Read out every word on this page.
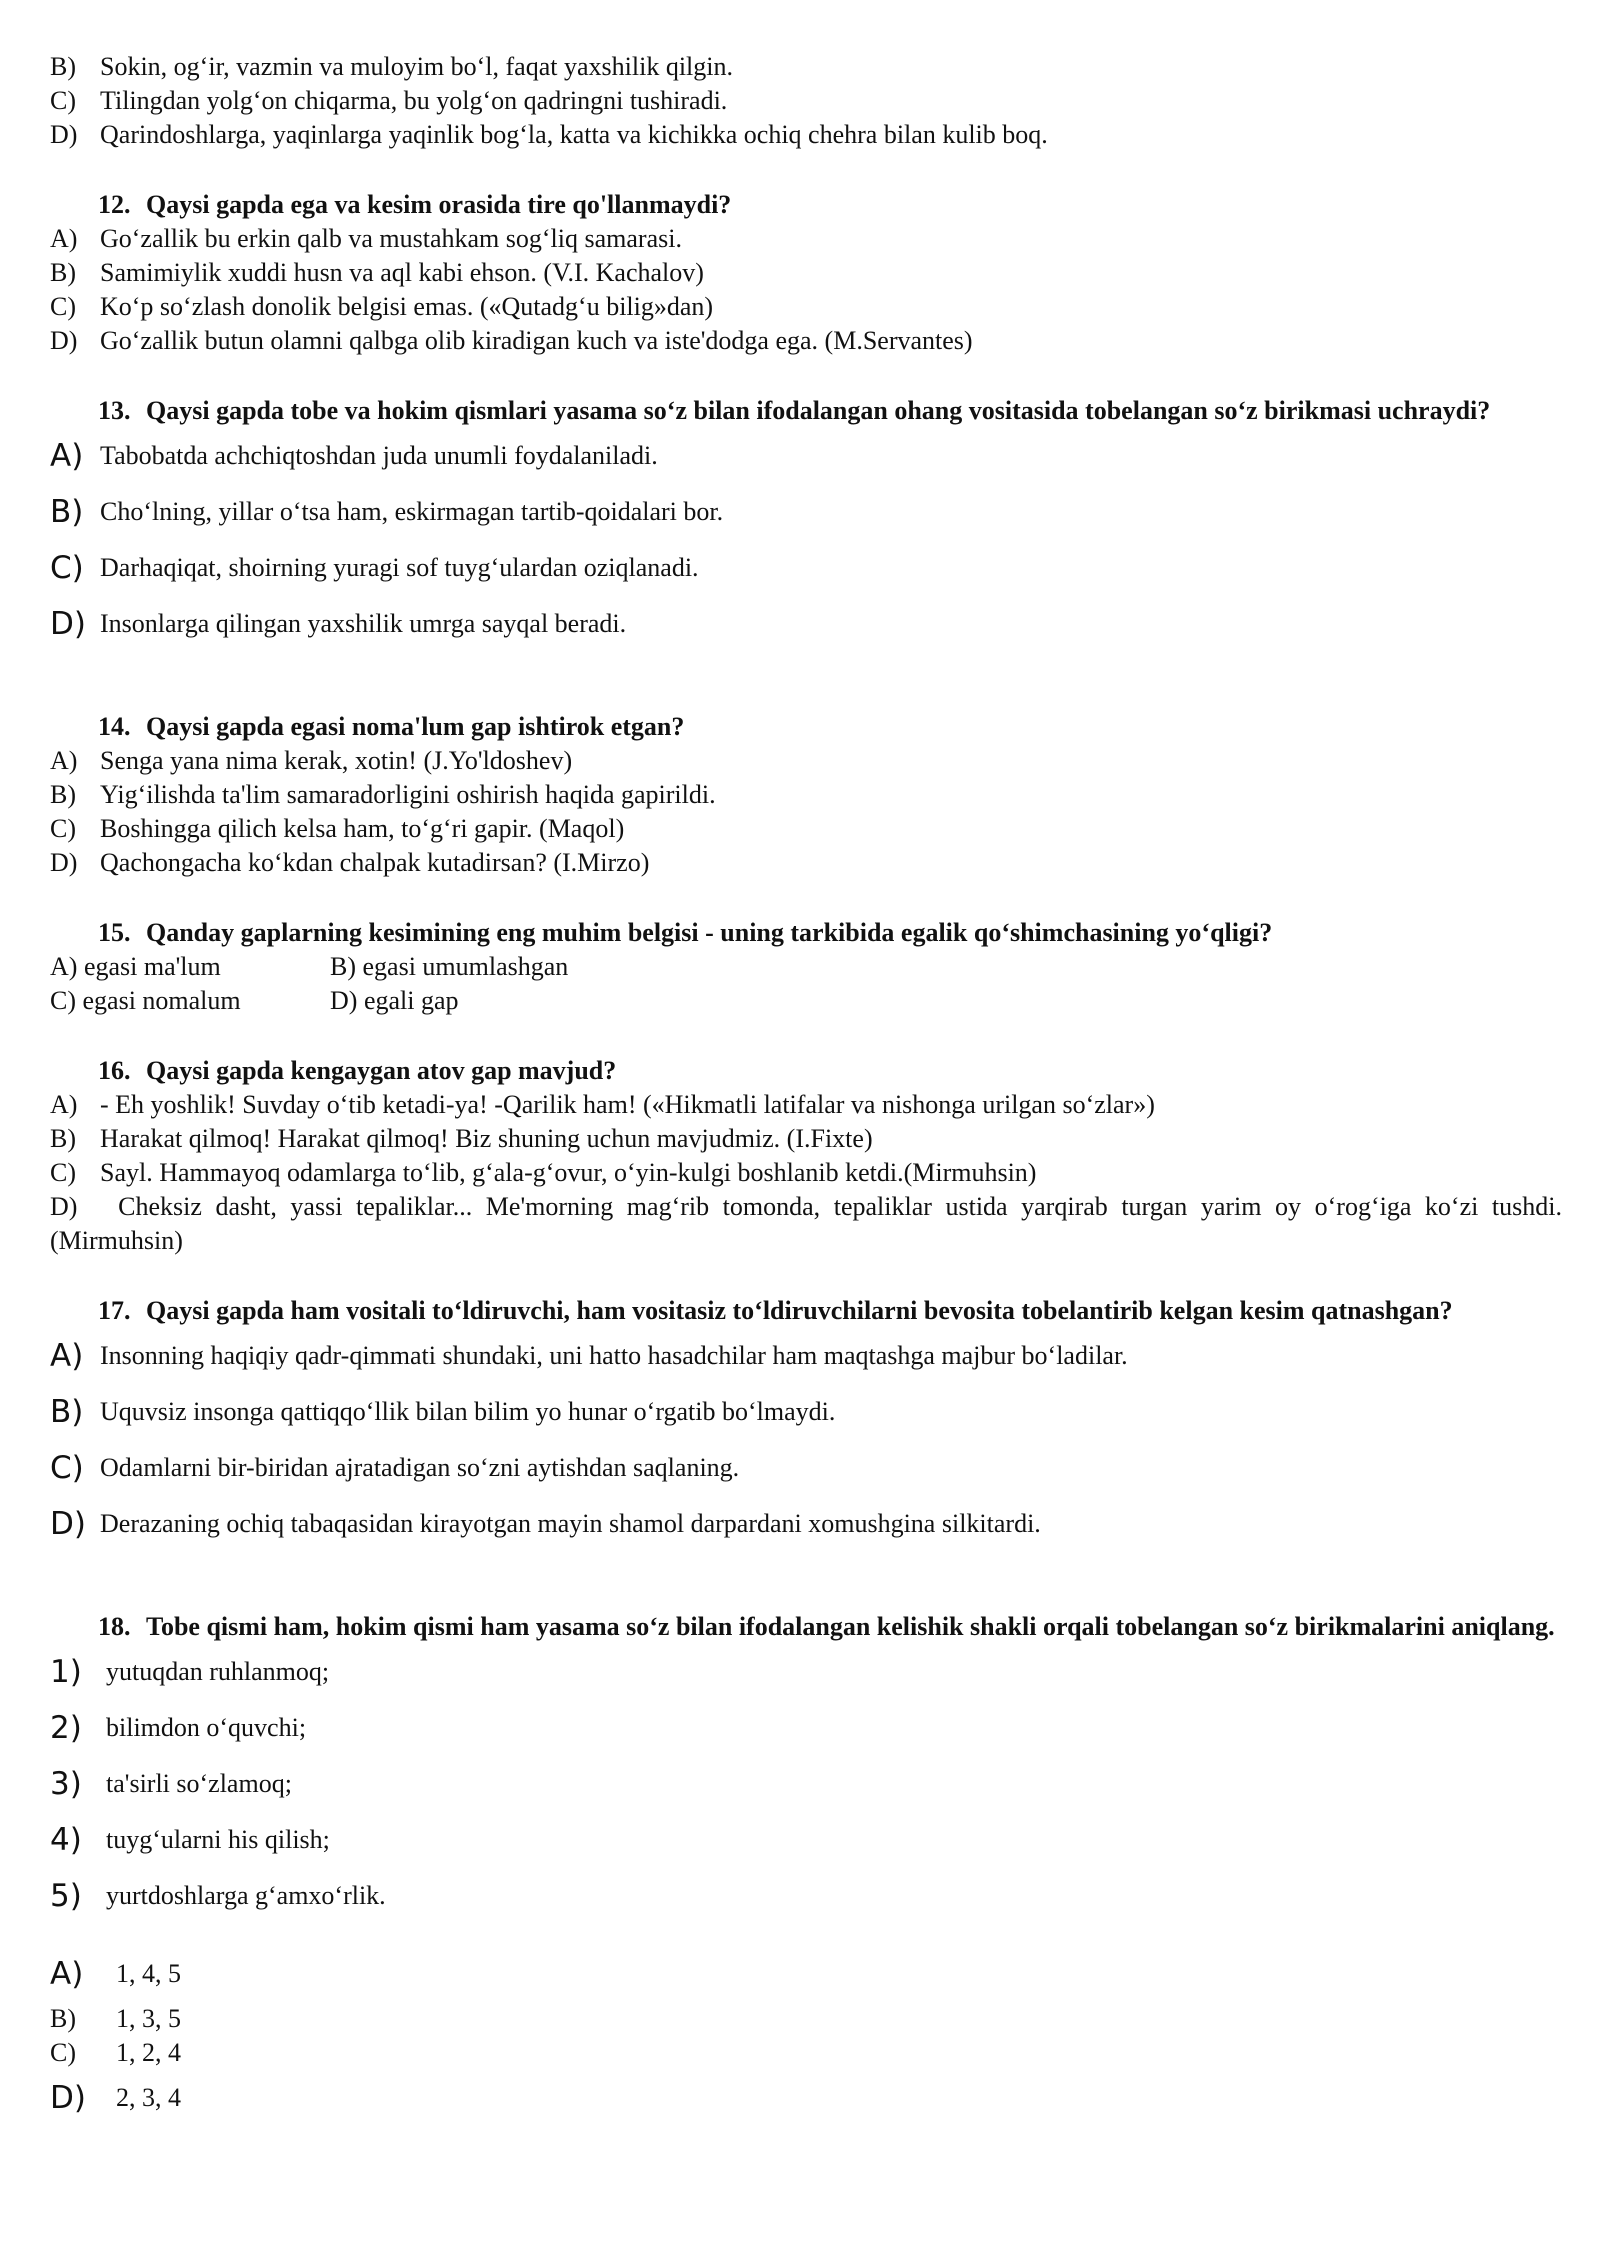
B) Sokin, og‘ir, vazmin va muloyim bo‘l, faqat yaxshilik qilgin.
C) Tilingdan yolg‘on chiqarma, bu yolg‘on qadringni tushiradi.
D) Qarindoshlarga, yaqinlarga yaqinlik bog‘la, katta va kichikka ochiq chehra bilan kulib boq.
12. Qaysi gapda ega va kesim orasida tire qo'llanmaydi?
A) Go‘zallik bu erkin qalb va mustahkam sog‘liq samarasi.
B) Samimiylik xuddi husn va aql kabi ehson. (V.I. Kachalov)
C) Ko‘p so‘zlash donolik belgisi emas. («Qutadg‘u bilig»dan)
D) Go‘zallik butun olamni qalbga olib kiradigan kuch va iste'dodga ega. (M.Servantes)
13. Qaysi gapda tobe va hokim qismlari yasama so‘z bilan ifodalangan ohang vositasida tobelangan so‘z birikmasi uchraydi?
A) Tabobatda achchiqtoshdan juda unumli foydalaniladi.
B) Cho‘lning, yillar o‘tsa ham, eskirmagan tartib-qoidalari bor.
C) Darhaqiqat, shoirning yuragi sof tuyg‘ulardan oziqlanadi.
D) Insonlarga qilingan yaxshilik umrga sayqal beradi.
14. Qaysi gapda egasi noma'lum gap ishtirok etgan?
A) Senga yana nima kerak, xotin! (J.Yo'ldoshev)
B) Yig‘ilishda ta'lim samaradorligini oshirish haqida gapirildi.
C) Boshingga qilich kelsa ham, to‘g‘ri gapir. (Maqol)
D) Qachongacha ko‘kdan chalpak kutadirsan? (I.Mirzo)
15. Qanday gaplarning kesimining eng muhim belgisi - uning tarkibida egalik qo‘shimchasining yo‘qligi?
A) egasi ma'lum	B) egasi umumlashgan
C) egasi nomalum	D) egali gap
16. Qaysi gapda kengaygan atov gap mavjud?
A) - Eh yoshlik! Suvday o‘tib ketadi-ya! -Qarilik ham! («Hikmatli latifalar va nishonga urilgan so‘zlar»)
B) Harakat qilmoq! Harakat qilmoq! Biz shuning uchun mavjudmiz. (I.Fixte)
C) Sayl. Hammayoq odamlarga to‘lib, g‘ala-g‘ovur, o‘yin-kulgi boshlanib ketdi.(Mirmuhsin)
D) Cheksiz dasht, yassi tepaliklar... Me'morning mag‘rib tomonda, tepaliklar ustida yarqirab turgan yarim oy o‘rog‘iga ko‘zi tushdi. (Mirmuhsin)
17. Qaysi gapda ham vositali to‘ldiruvchi, ham vositasiz to‘ldiruvchilarni bevosita tobelantirib kelgan kesim qatnashgan?
A) Insonning haqiqiy qadr-qimmati shundaki, uni hatto hasadchilar ham maqtashga majbur bo‘ladilar.
B) Uquvsiz insonga qattiqqo‘llik bilan bilim yo hunar o‘rgatib bo‘lmaydi.
C) Odamlarni bir-biridan ajratadigan so‘zni aytishdan saqlaning.
D) Derazaning ochiq tabaqasidan kirayotgan mayin shamol darpardani xomushgina silkitardi.
18. Tobe qismi ham, hokim qismi ham yasama so‘z bilan ifodalangan kelishik shakli orqali tobelangan so‘z birikmalarini aniqlang.
1) yutuqdan ruhlanmoq;
2) bilimdon o‘quvchi;
3) ta'sirli so‘zlamoq;
4) tuyg‘ularni his qilish;
5) yurtdoshlarga g‘amxo‘rlik.
A) 1, 4, 5
B) 1, 3, 5
C) 1, 2, 4
D) 2, 3, 4
